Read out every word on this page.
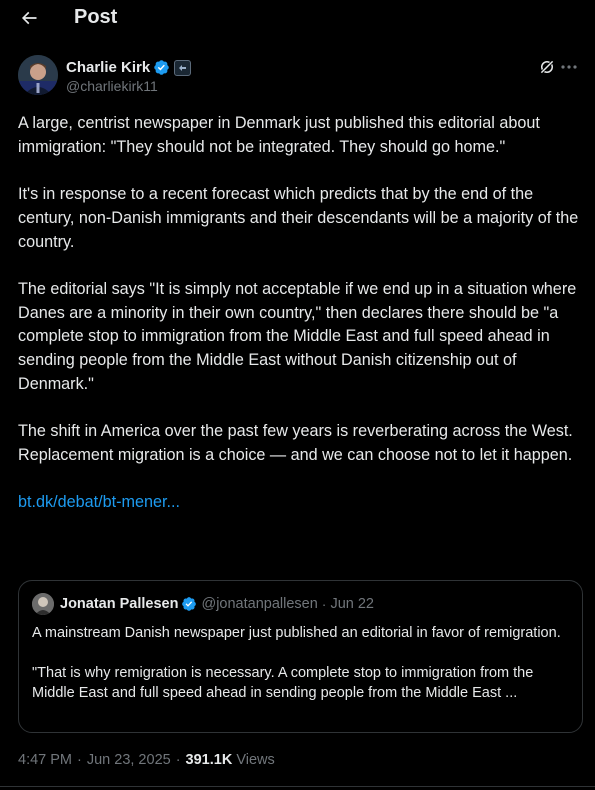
Post
Charlie Kirk
@charliekirk11

A large, centrist newspaper in Denmark just published this editorial about immigration: "They should not be integrated. They should go home."

It's in response to a recent forecast which predicts that by the end of the century, non-Danish immigrants and their descendants will be a majority of the country.

The editorial says "It is simply not acceptable if we end up in a situation where Danes are a minority in their own country," then declares there should be "a complete stop to immigration from the Middle East and full speed ahead in sending people from the Middle East without Danish citizenship out of Denmark."

The shift in America over the past few years is reverberating across the West. Replacement migration is a choice — and we can choose not to let it happen.

bt.dk/debat/bt-mener...

Jonatan Pallesen @jonatanpallesen · Jun 22

A mainstream Danish newspaper just published an editorial in favor of remigration.

"That is why remigration is necessary. A complete stop to immigration from the Middle East and full speed ahead in sending people from the Middle East ...

4:47 PM · Jun 23, 2025 · 391.1K Views
